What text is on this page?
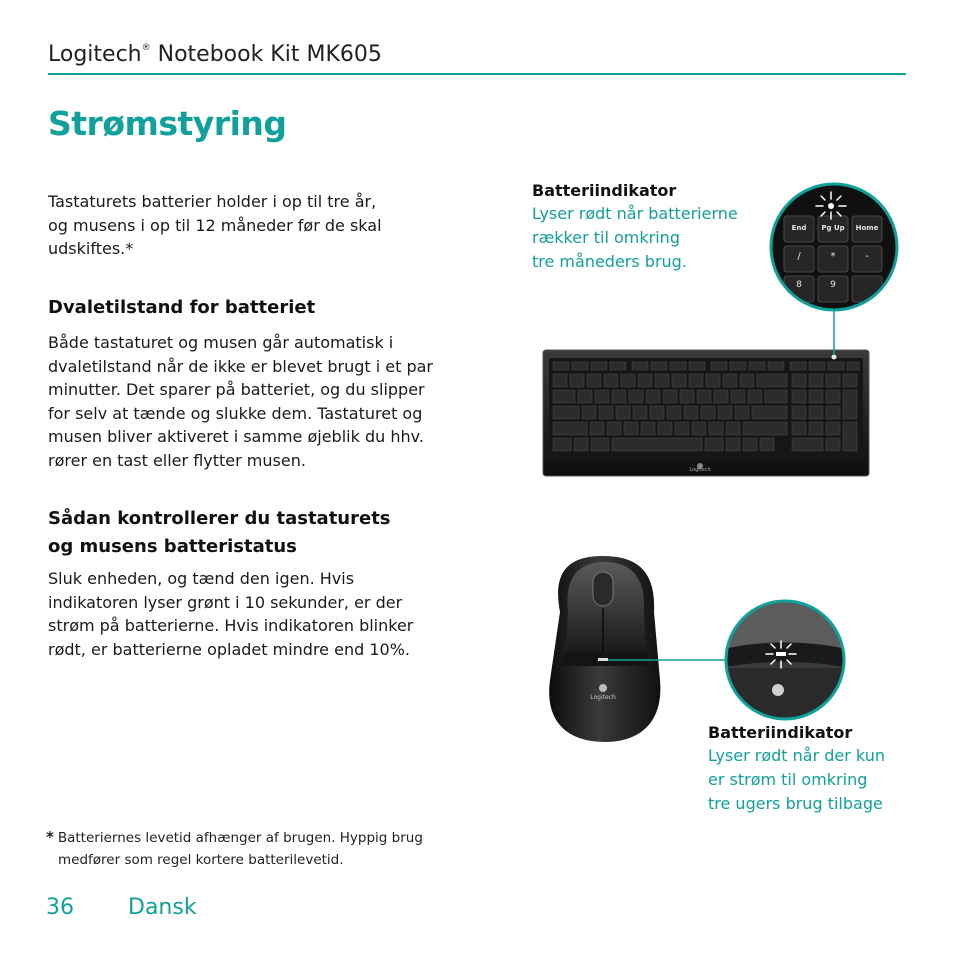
Logitech® Notebook Kit MK605
Strømstyring
Tastaturets batterier holder i op til tre år,
og musens i op til 12 måneder før de skal
udskiftes.*
Dvaletilstand for batteriet
Både tastaturet og musen går automatisk i
dvaletilstand når de ikke er blevet brugt i et par
minutter. Det sparer på batteriet, og du slipper
for selv at tænde og slukke dem. Tastaturet og
musen bliver aktiveret i samme øjeblik du hhv.
rører en tast eller flytter musen.
Sådan kontrollerer du tastaturets
og musens batteristatus
Sluk enheden, og tænd den igen. Hvis
indikatoren lyser grønt i 10 sekunder, er der
strøm på batterierne. Hvis indikatoren blinker
rødt, er batterierne opladet mindre end 10%.
End	Pg Up	Home
/	*	-
8	9
Logitech
Logitech
Batteriindikator
Lyser rødt når batterierne
rækker til omkring
tre måneders brug.
Batteriindikator
Lyser rødt når der kun
er strøm til omkring
tre ugers brug tilbage
* Batteriernes levetid afhænger af brugen. Hyppig brug
medfører som regel kortere batterilevetid.
36 Dansk
